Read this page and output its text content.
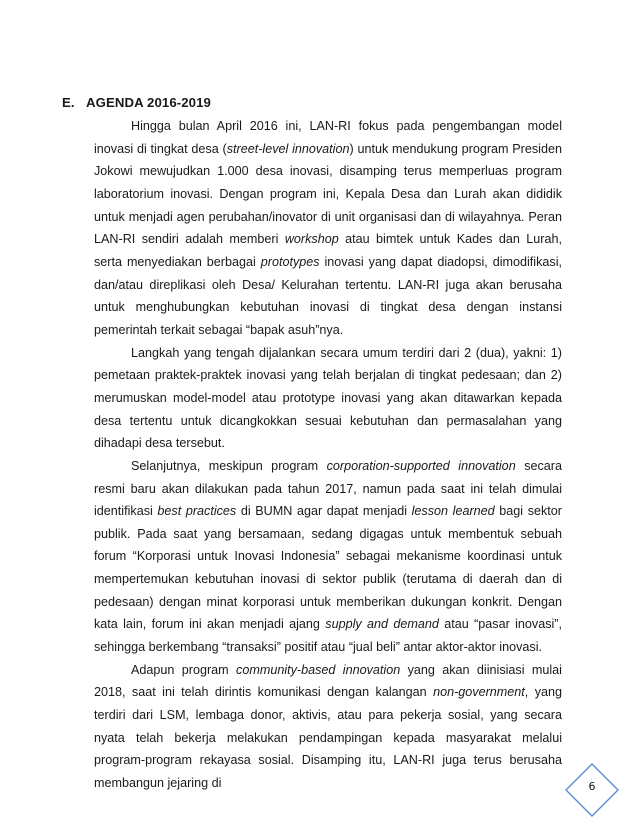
E. AGENDA 2016-2019

Hingga bulan April 2016 ini, LAN-RI fokus pada pengembangan model inovasi di tingkat desa (street-level innovation) untuk mendukung program Presiden Jokowi mewujudkan 1.000 desa inovasi, disamping terus memperluas program laboratorium inovasi. Dengan program ini, Kepala Desa dan Lurah akan dididik untuk menjadi agen perubahan/inovator di unit organisasi dan di wilayahnya. Peran LAN-RI sendiri adalah memberi workshop atau bimtek untuk Kades dan Lurah, serta menyediakan berbagai prototypes inovasi yang dapat diadopsi, dimodifikasi, dan/atau direplikasi oleh Desa/ Kelurahan tertentu. LAN-RI juga akan berusaha untuk menghubungkan kebutuhan inovasi di tingkat desa dengan instansi pemerintah terkait sebagai “bapak asuh”nya.

Langkah yang tengah dijalankan secara umum terdiri dari 2 (dua), yakni: 1) pemetaan praktek-praktek inovasi yang telah berjalan di tingkat pedesaan; dan 2) merumuskan model-model atau prototype inovasi yang akan ditawarkan kepada desa tertentu untuk dicangkokkan sesuai kebutuhan dan permasalahan yang dihadapi desa tersebut.

Selanjutnya, meskipun program corporation-supported innovation secara resmi baru akan dilakukan pada tahun 2017, namun pada saat ini telah dimulai identifikasi best practices di BUMN agar dapat menjadi lesson learned bagi sektor publik. Pada saat yang bersamaan, sedang digagas untuk membentuk sebuah forum “Korporasi untuk Inovasi Indonesia” sebagai mekanisme koordinasi untuk mempertemukan kebutuhan inovasi di sektor publik (terutama di daerah dan di pedesaan) dengan minat korporasi untuk memberikan dukungan konkrit. Dengan kata lain, forum ini akan menjadi ajang supply and demand atau “pasar inovasi”, sehingga berkembang “transaksi” positif atau “jual beli” antar aktor-aktor inovasi.

Adapun program community-based innovation yang akan diinisiasi mulai 2018, saat ini telah dirintis komunikasi dengan kalangan non-government, yang terdiri dari LSM, lembaga donor, aktivis, atau para pekerja sosial, yang secara nyata telah bekerja melakukan pendampingan kepada masyarakat melalui program-program rekayasa sosial. Disamping itu, LAN-RI juga terus berusaha membangun jejaring di	6
